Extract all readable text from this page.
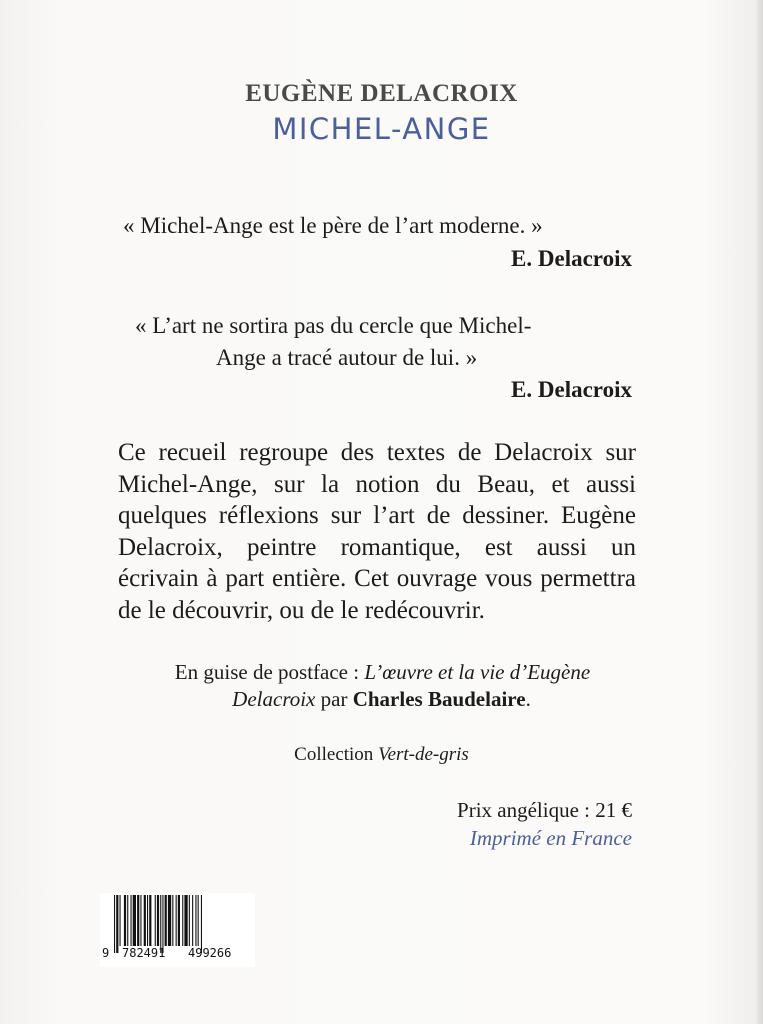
EUGÈNE DELACROIX
MICHEL-ANGE
« Michel-Ange est le père de l’art moderne. »
E. Delacroix
« L’art ne sortira pas du cercle que Michel-
Ange a tracé autour de lui. »
E. Delacroix
Ce recueil regroupe des textes de Delacroix sur
Michel-Ange, sur la notion du Beau, et aussi
quelques réflexions sur l’art de dessiner. Eugène
Delacroix, peintre romantique, est aussi un
écrivain à part entière. Cet ouvrage vous permettra
de le découvrir, ou de le redécouvrir.
En guise de postface : L’œuvre et la vie d’Eugène
Delacroix par Charles Baudelaire.
Collection Vert-de-gris
Prix angélique : 21 €
Imprimé en France
9 782491 499266
